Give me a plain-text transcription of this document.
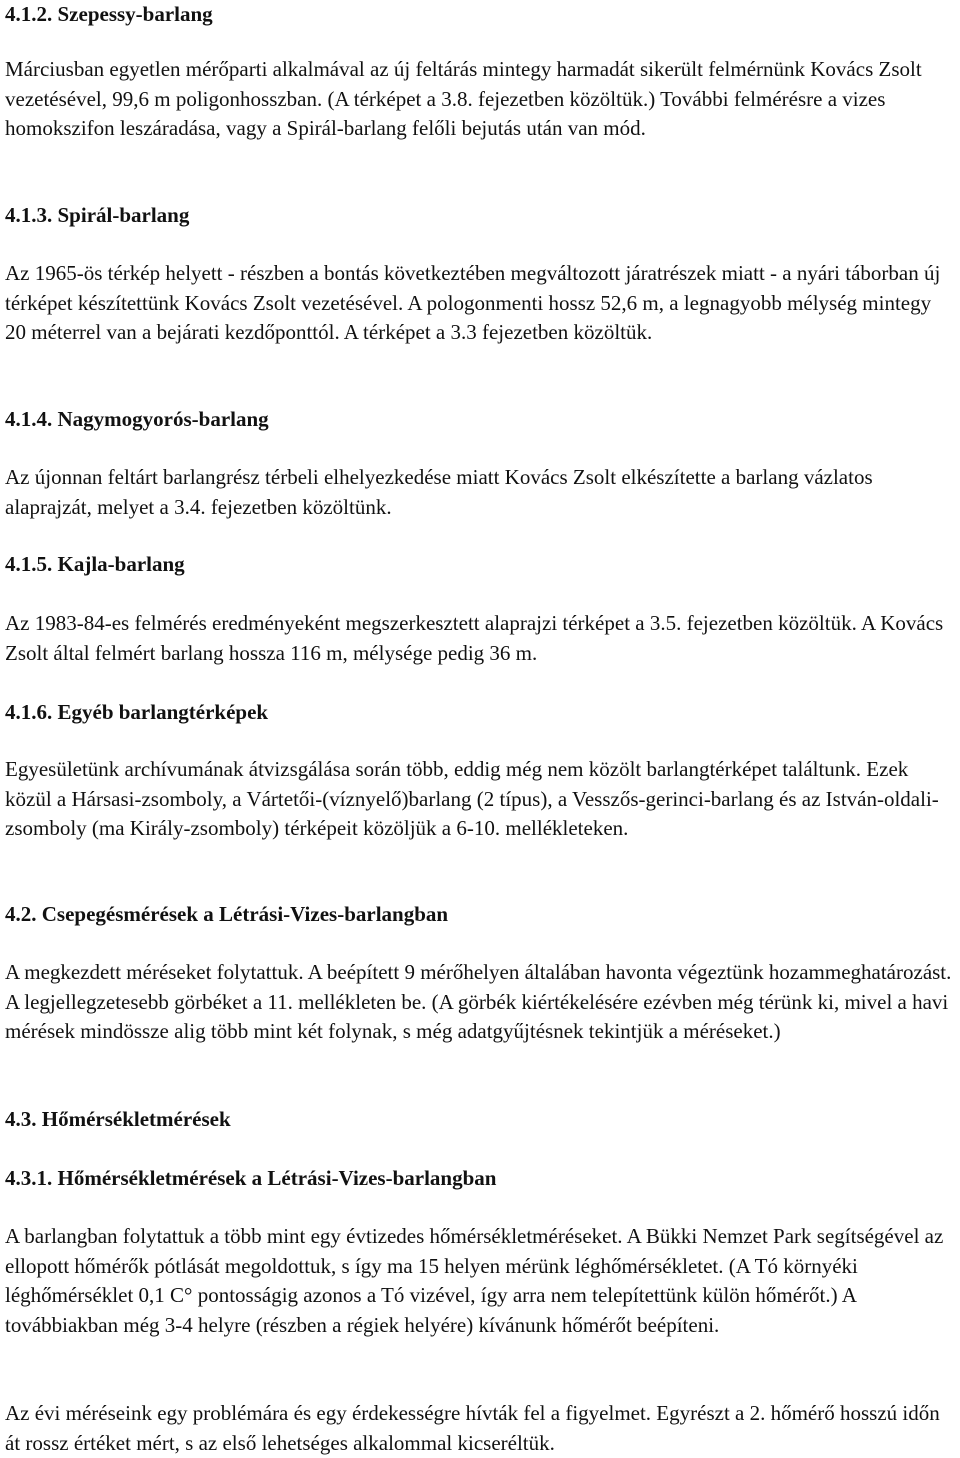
4.1.2. Szepessy-barlang

Márciusban egyetlen mérőparti alkalmával az új feltárás mintegy harmadát sikerült felmérnünk Kovács Zsolt vezetésével, 99,6 m poligonhosszban. (A térképet a 3.8. fejezetben közöltük.) További felmérésre a vizes homokszifon leszáradása, vagy a Spirál-barlang felőli bejutás után van mód.

4.1.3. Spirál-barlang

Az 1965-ös térkép helyett - részben a bontás következtében megváltozott járatrészek miatt - a nyári táborban új térképet készítettünk Kovács Zsolt vezetésével. A pologonmenti hossz 52,6 m, a legnagyobb mélység mintegy 20 méterrel van a bejárati kezdőponttól. A térképet a 3.3 fejezetben közöltük.

4.1.4. Nagymogyorós-barlang

Az újonnan feltárt barlangrész térbeli elhelyezkedése miatt Kovács Zsolt elkészítette a barlang vázlatos alaprajzát, melyet a 3.4. fejezetben közöltünk.

4.1.5. Kajla-barlang

Az 1983-84-es felmérés eredményeként megszerkesztett alaprajzi térképet a 3.5. fejezetben közöltük. A Kovács Zsolt által felmért barlang hossza 116 m, mélysége pedig 36 m.

4.1.6. Egyéb barlangtérképek

Egyesületünk archívumának átvizsgálása során több, eddig még nem közölt barlangtérképet találtunk. Ezek közül a Hársasi-zsomboly, a Vártetői-(víznyelő)barlang (2 típus), a Vesszős-gerinci-barlang és az István-oldali-zsomboly (ma Király-zsomboly) térképeit közöljük a 6-10. mellékleteken.

4.2. Csepegésmérések a Létrási-Vizes-barlangban

A megkezdett méréseket folytattuk. A beépített 9 mérőhelyen általában havonta végeztünk hozammeghatározást. A legjellegzetesebb görbéket a 11. mellékleten be. (A görbék kiértékelésére ezévben még térünk ki, mivel a havi mérések mindössze alig több mint két folynak, s még adatgyűjtésnek tekintjük a méréseket.)

4.3. Hőmérsékletmérések
4.3.1. Hőmérsékletmérések a Létrási-Vizes-barlangban

A barlangban folytattuk a több mint egy évtizedes hőmérsékletméréseket. A Bükki Nemzet Park segítségével az ellopott hőmérők pótlását megoldottuk, s így ma 15 helyen mérünk léghőmérsékletet. (A Tó környéki léghőmérséklet 0,1 C° pontosságig azonos a Tó vizével, így arra nem telepítettünk külön hőmérőt.) A továbbiakban még 3-4 helyre (részben a régiek helyére) kívánunk hőmérőt beépíteni.

Az évi méréseink egy problémára és egy érdekességre hívták fel a figyelmet. Egyrészt a 2. hőmérő hosszú időn át rossz értéket mért, s az első lehetséges alkalommal kicseréltük.
